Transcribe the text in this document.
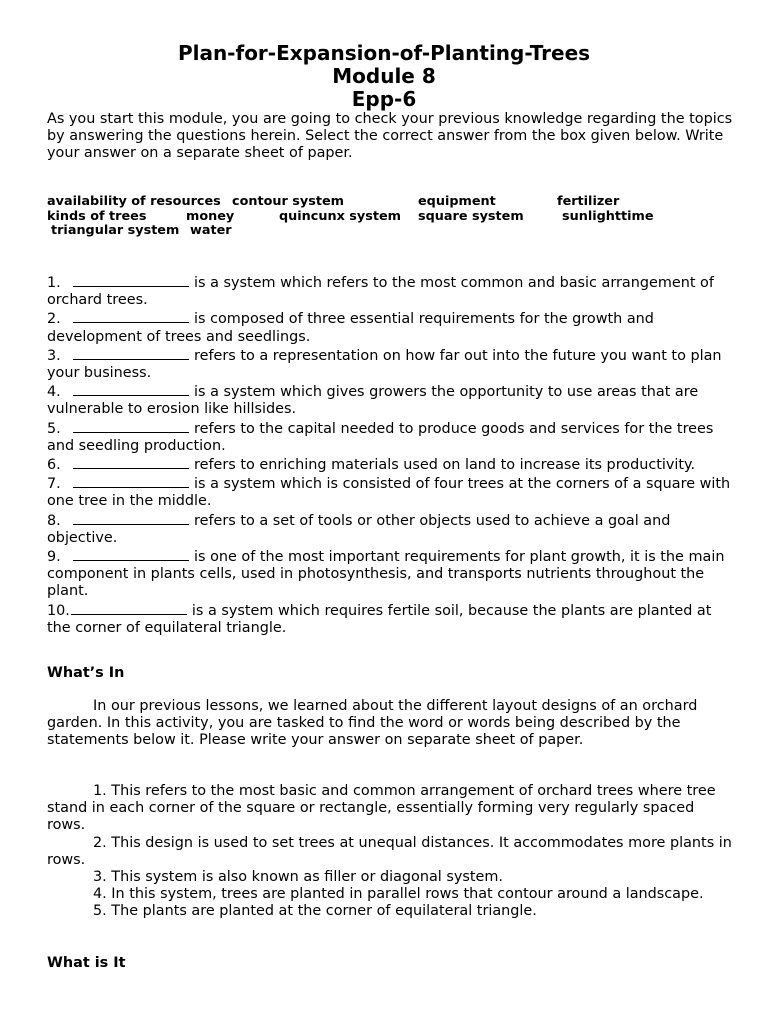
Plan-for-Expansion-of-Planting-Trees
Module 8
Epp-6
As you start this module, you are going to check your previous knowledge regarding the topics by answering the questions herein. Select the correct answer from the box given below. Write your answer on a separate sheet of paper.
availability of resources contour system	equipment	fertilizer
kinds of trees	money	quincunx system square system	sunlighttime
triangular system water
1.	is a system which refers to the most common and basic arrangement of orchard trees.
2.	is composed of three essential requirements for the growth and development of trees and seedlings.
3.	refers to a representation on how far out into the future you want to plan your business.
4.	is a system which gives growers the opportunity to use areas that are vulnerable to erosion like hillsides.
5.	refers to the capital needed to produce goods and services for the trees and seedling production.
6.	refers to enriching materials used on land to increase its productivity.
7.	is a system which is consisted of four trees at the corners of a square with one tree in the middle.
8.	refers to a set of tools or other objects used to achieve a goal and objective.
9.	is one of the most important requirements for plant growth, it is the main component in plants cells, used in photosynthesis, and transports nutrients throughout the plant.
10.	is a system which requires fertile soil, because the plants are planted at the corner of equilateral triangle.
What’s In
In our previous lessons, we learned about the different layout designs of an orchard garden. In this activity, you are tasked to find the word or words being described by the statements below it. Please write your answer on separate sheet of paper.
1. This refers to the most basic and common arrangement of orchard trees where tree stand in each corner of the square or rectangle, essentially forming very regularly spaced rows.
2. This design is used to set trees at unequal distances. It accommodates more plants in rows.
3. This system is also known as filler or diagonal system.
4. In this system, trees are planted in parallel rows that contour around a landscape.
5. The plants are planted at the corner of equilateral triangle.
What is It
